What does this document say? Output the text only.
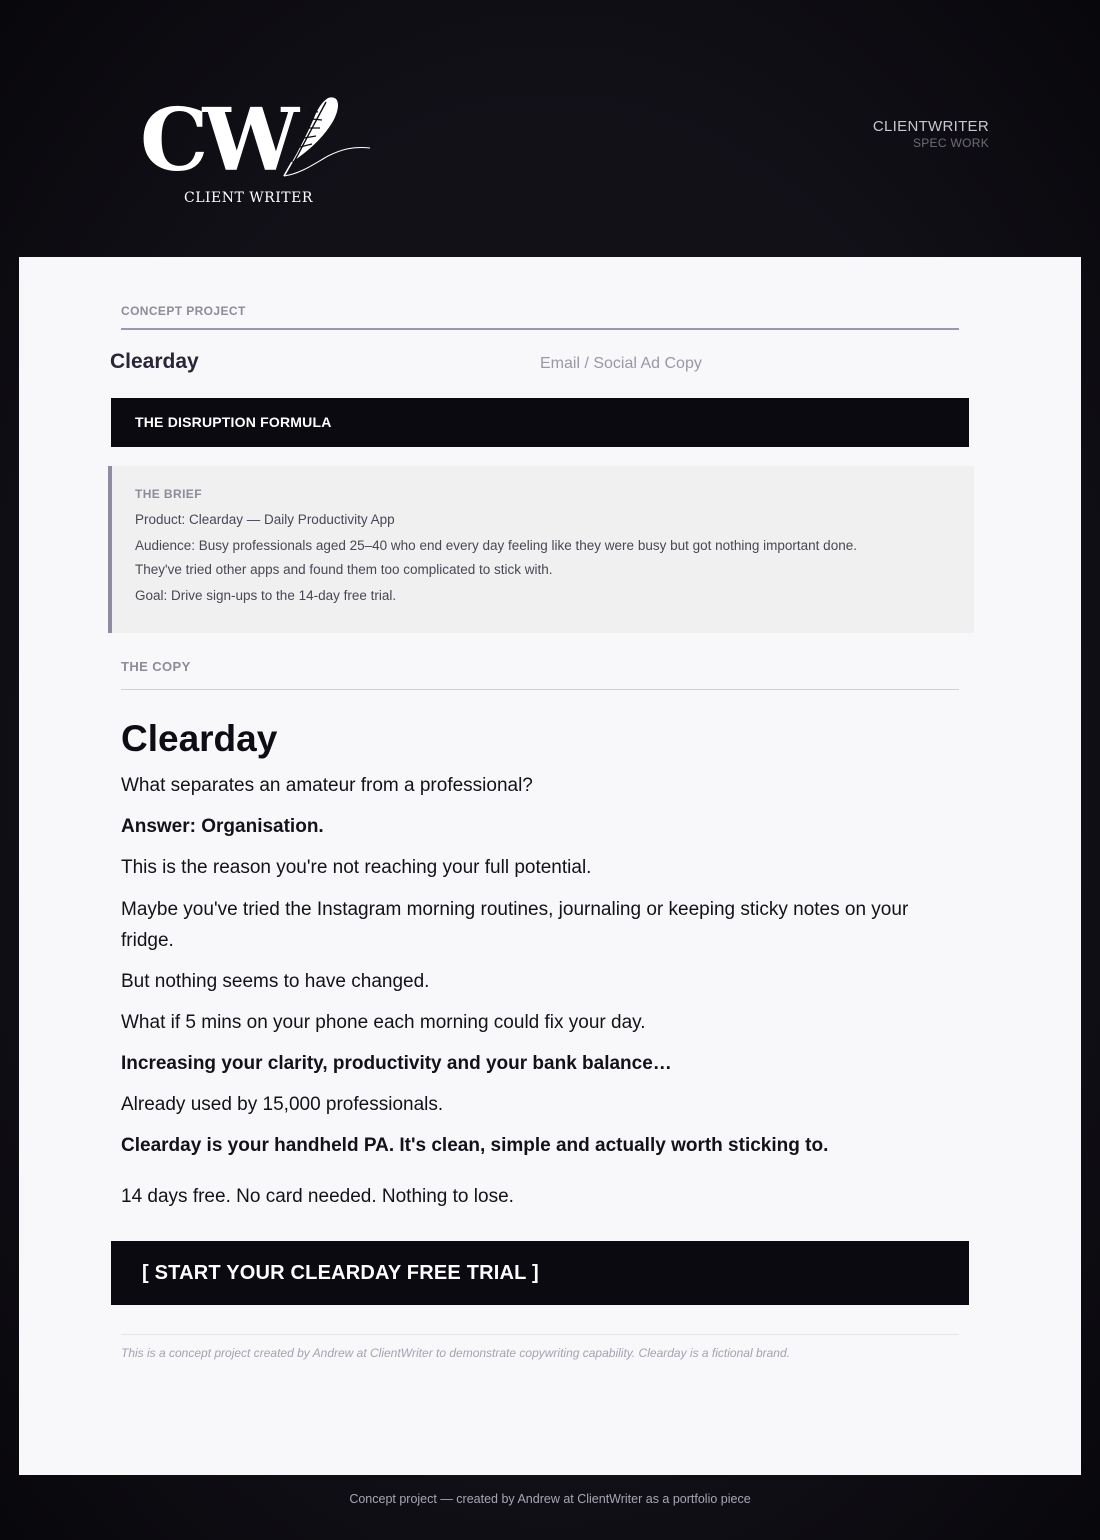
CW
CLIENT WRITER
CLIENTWRITER
SPEC WORK
CONCEPT PROJECT
Clearday	Email / Social Ad Copy
THE DISRUPTION FORMULA
THE BRIEF
Product: Clearday — Daily Productivity App
Audience: Busy professionals aged 25–40 who end every day feeling like they were busy but got nothing important done.
They've tried other apps and found them too complicated to stick with.
Goal: Drive sign-ups to the 14-day free trial.
THE COPY
Clearday

What separates an amateur from a professional?

Answer: Organisation.

This is the reason you're not reaching your full potential.

Maybe you've tried the Instagram morning routines, journaling or keeping sticky notes on your fridge.

But nothing seems to have changed.

What if 5 mins on your phone each morning could fix your day.

Increasing your clarity, productivity and your bank balance…

Already used by 15,000 professionals.

Clearday is your handheld PA. It's clean, simple and actually worth sticking to.

14 days free. No card needed. Nothing to lose.

[ START YOUR CLEARDAY FREE TRIAL ]
This is a concept project created by Andrew at ClientWriter to demonstrate copywriting capability. Clearday is a fictional brand.
Concept project — created by Andrew at ClientWriter as a portfolio piece
